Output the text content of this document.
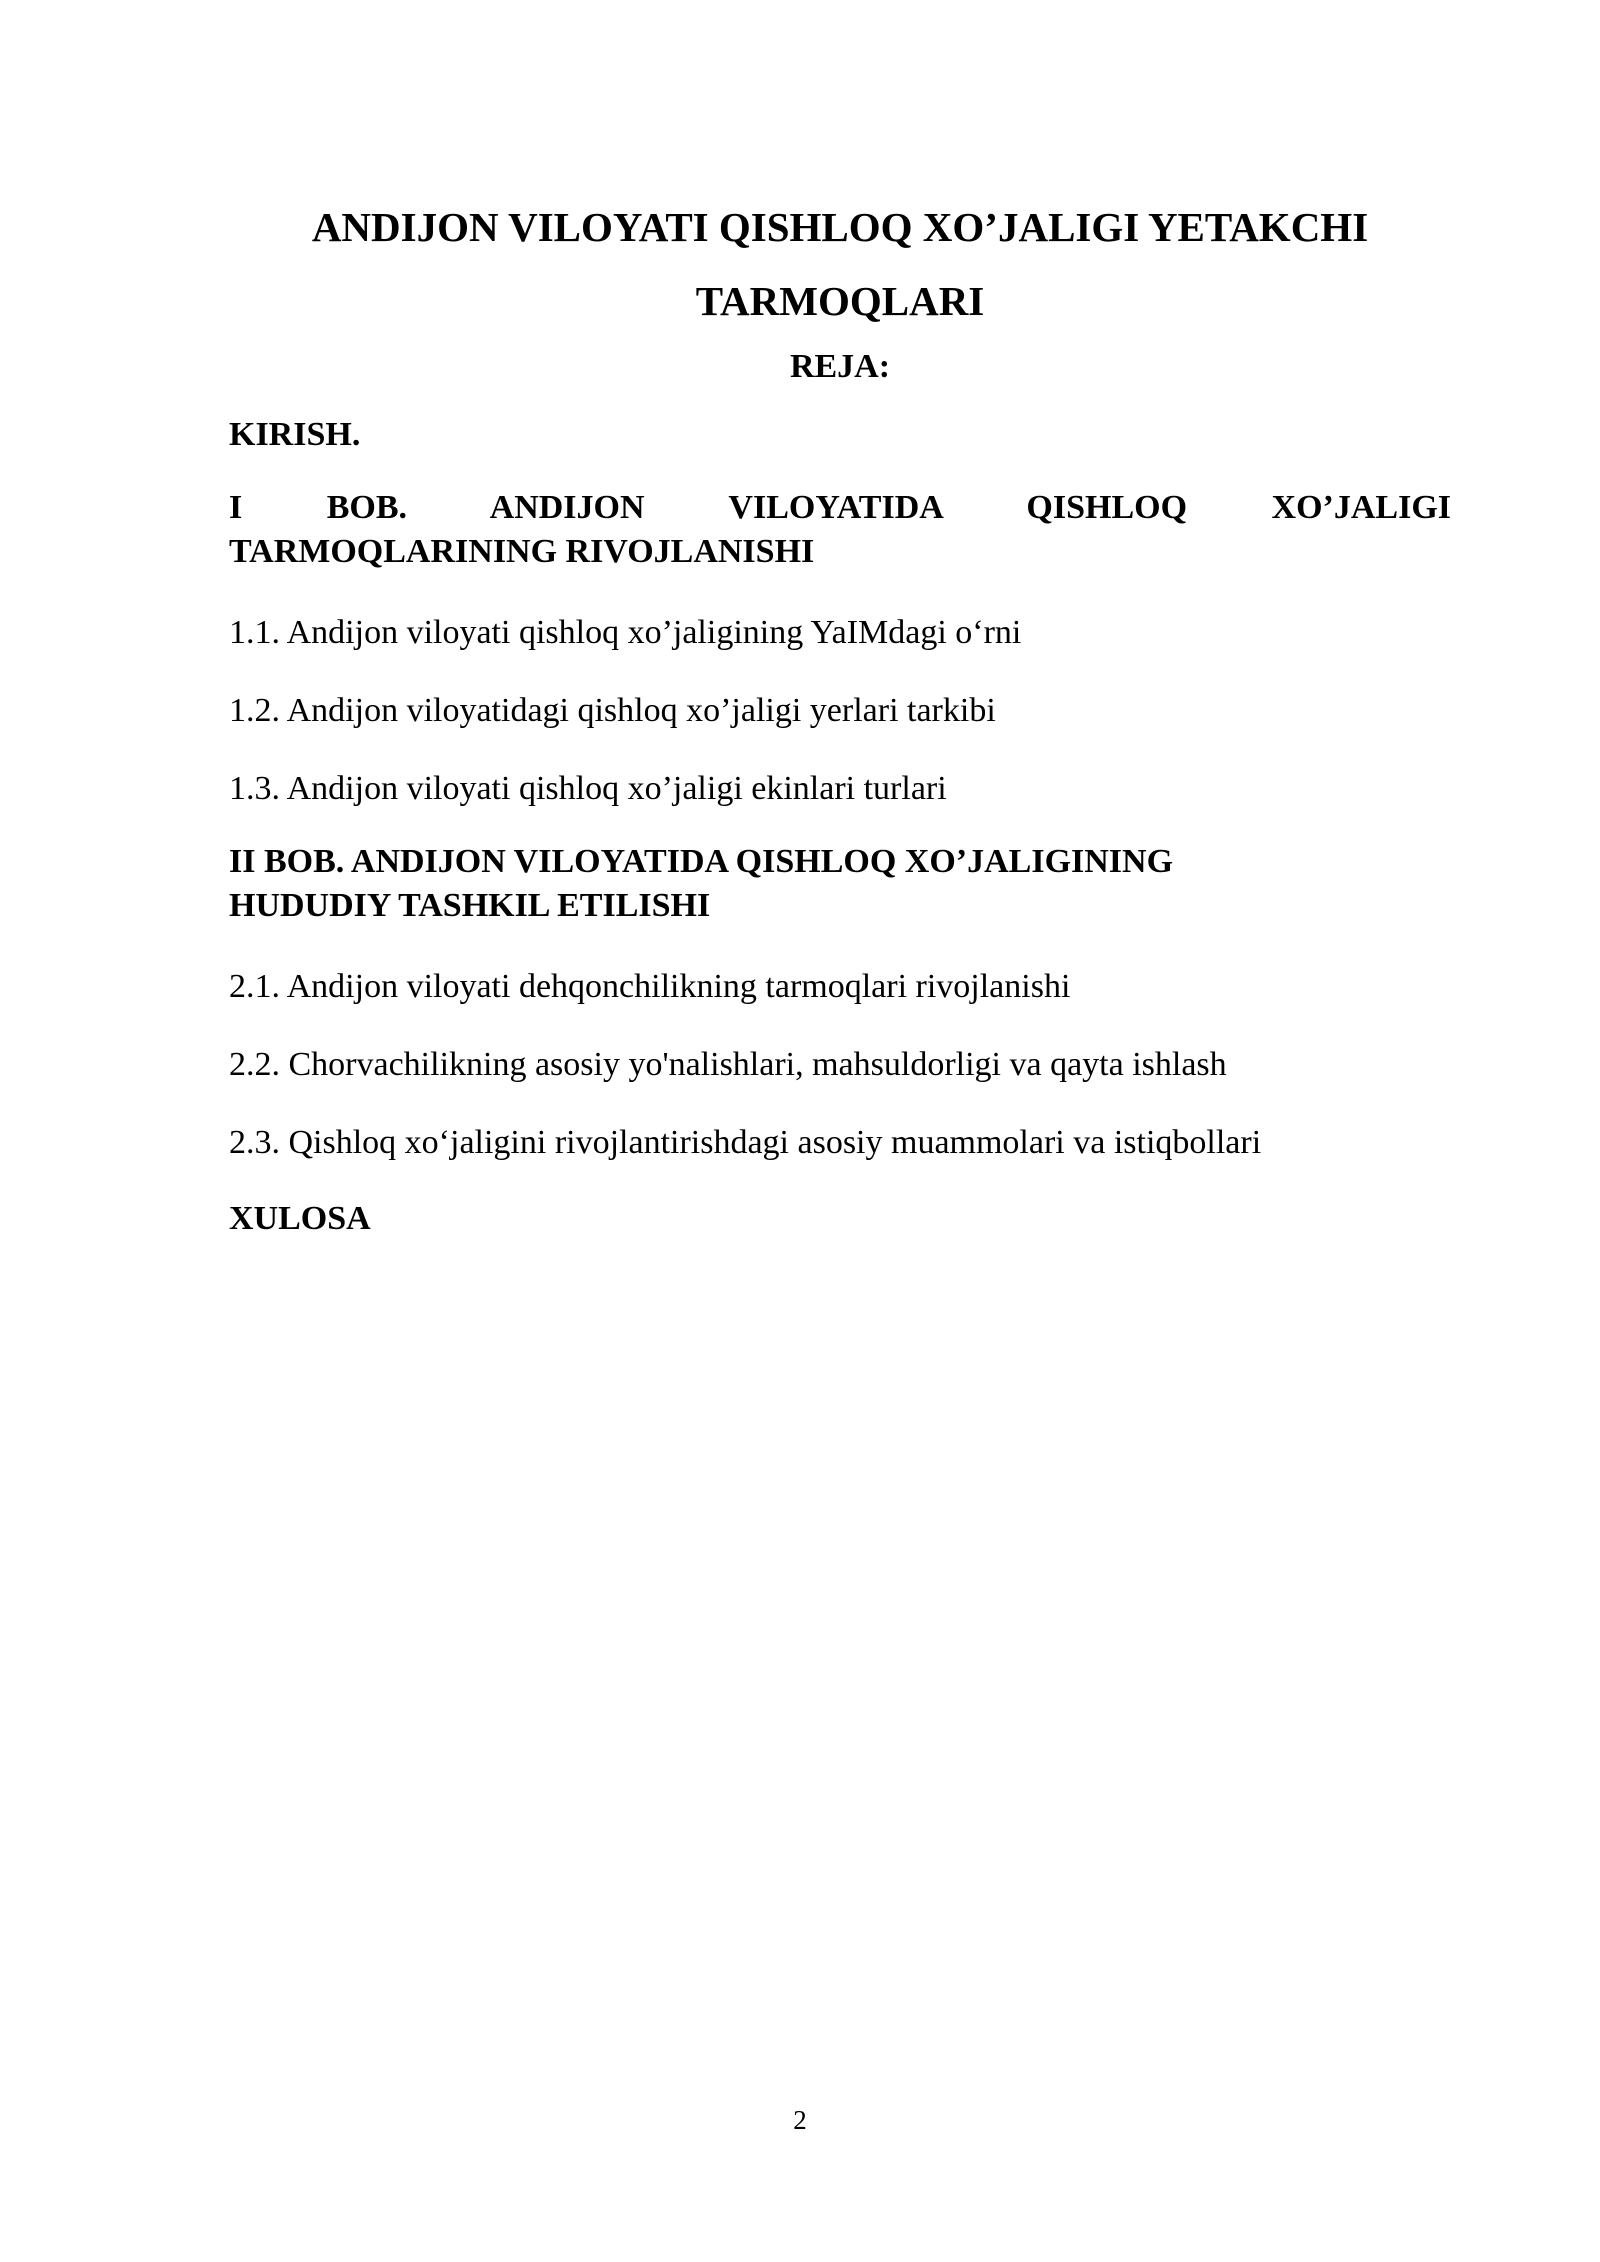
ANDIJON VILOYATI QISHLOQ XO’JALIGI YETAKCHI
TARMOQLARI

REJA:

KIRISH.

I BOB. ANDIJON VILOYATIDA QISHLOQ XO’JALIGI
TARMOQLARINING RIVOJLANISHI

1.1. Andijon viloyati qishloq xo’jaligining YaIMdagi o‘rni

1.2. Andijon viloyatidagi qishloq xo’jaligi yerlari tarkibi

1.3. Andijon viloyati qishloq xo’jaligi ekinlari turlari

II BOB. ANDIJON VILOYATIDA QISHLOQ XO’JALIGINING
HUDUDIY TASHKIL ETILISHI

2.1. Andijon viloyati dehqonchilikning tarmoqlari rivojlanishi

2.2. Chorvachilikning asosiy yo'nalishlari, mahsuldorligi va qayta ishlash

2.3. Qishloq xo‘jaligini rivojlantirishdagi asosiy muammolari va istiqbollari

XULOSA

2
